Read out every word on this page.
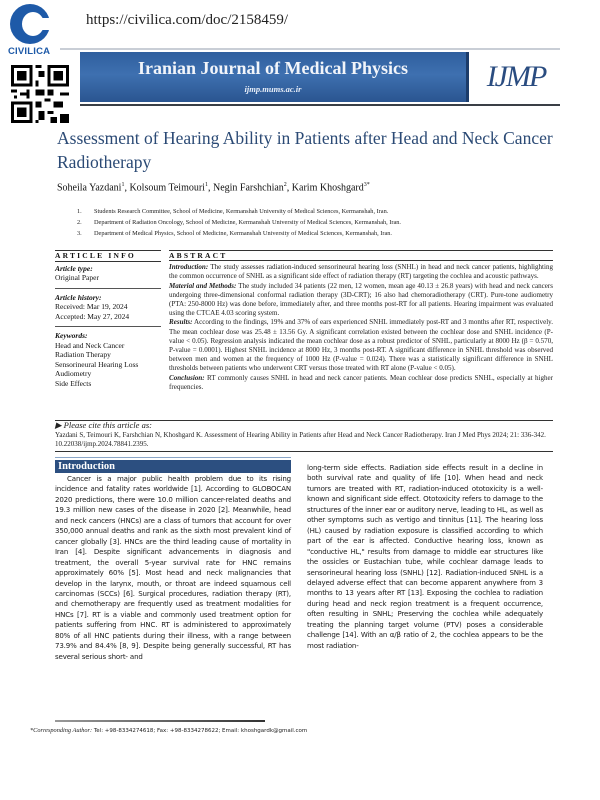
CIVILICA
https://civilica.com/doc/2158459/
Iranian Journal of Medical Physics
ijmp.mums.ac.ir	IJMP
Assessment of Hearing Ability in Patients after Head and Neck Cancer Radiotherapy
Soheila Yazdani$^1$, Kolsoum Teimouri$^1$, Negin Farshchian$^2$, Karim Khoshgard$^{3*}$
1. Students Research Committee, School of Medicine, Kermanshah University of Medical Sciences, Kermanshah, Iran.
2. Department of Radiation Oncology, School of Medicine, Kermanshah University of Medical Sciences, Kermanshah, Iran.
3. Department of Medical Physics, School of Medicine, Kermanshah University of Medical Sciences, Kermanshah, Iran.
ARTICLE INFO
Article type:
Original Paper
Article history:
Received: Mar 19, 2024
Accepted: May 27, 2024
Keywords:
Head and Neck Cancer
Radiation Therapy
Sensorineural Hearing Loss
Audiometry
Side Effects
ABSTRACT
Introduction: The study assesses radiation-induced sensorineural hearing loss (SNHL) in head and neck cancer patients, highlighting the common occurrence of SNHL as a significant side effect of radiation therapy (RT) targeting the cochlea and acoustic pathways.
Material and Methods: The study included 34 patients (22 men, 12 women, mean age 40.13 ± 26.8 years) with head and neck cancers undergoing three-dimensional conformal radiation therapy (3D-CRT); 16 also had chemoradiotherapy (CRT). Pure-tone audiometry (PTA: 250-8000 Hz) was done before, immediately after, and three months post-RT for all patients. Hearing impairment was evaluated using the CTCAE 4.03 scoring system.
Results: According to the findings, 19% and 37% of ears experienced SNHL immediately post-RT and 3 months after RT, respectively. The mean cochlear dose was 25.48 ± 13.56 Gy. A significant correlation existed between the cochlear dose and SNHL incidence (P-value < 0.05). Regression analysis indicated the mean cochlear dose as a robust predictor of SNHL, particularly at 8000 Hz (β = 0.570, P-value = 0.0001). Highest SNHL incidence at 8000 Hz, 3 months post-RT. A significant difference in SNHL threshold was observed between men and women at the frequency of 1000 Hz (P-value = 0.024). There was a statistically significant difference in SNHL thresholds between patients who underwent CRT versus those treated with RT alone (P-value < 0.05).
Conclusion: RT commonly causes SNHL in head and neck cancer patients. Mean cochlear dose predicts SNHL, especially at higher frequencies.
▶ Please cite this article as:
Yazdani S, Teimouri K, Farshchian N, Khoshgard K. Assessment of Hearing Ability in Patients after Head and Neck Cancer Radiotherapy. Iran J Med Phys 2024; 21: 336-342. 10.22038/ijmp.2024.78841.2395.
Introduction
Cancer is a major public health problem due to its rising incidence and fatality rates worldwide [1]. According to GLOBOCAN 2020 predictions, there were 10.0 million cancer-related deaths and 19.3 million new cases of the disease in 2020 [2]. Meanwhile, head and neck cancers (HNCs) are a class of tumors that account for over 350,000 annual deaths and rank as the sixth most prevalent kind of cancer globally [3]. HNCs are the third leading cause of mortality in Iran [4]. Despite significant advancements in diagnosis and treatment, the overall 5-year survival rate for HNC remains approximately 60% [5]. Most head and neck malignancies that develop in the larynx, mouth, or throat are indeed squamous cell carcinomas (SCCs) [6]. Surgical procedures, radiation therapy (RT), and chemotherapy are frequently used as treatment modalities for HNCs [7]. RT is a viable and commonly used treatment option for patients suffering from HNC. RT is administered to approximately 80% of all HNC patients during their illness, with a range between 73.9% and 84.4% [8, 9]. Despite being generally successful, RT has several serious short- and
long-term side effects. Radiation side effects result in a decline in both survival rate and quality of life [10]. When head and neck tumors are treated with RT, radiation-induced ototoxicity is a well-known and significant side effect. Ototoxicity refers to damage to the structures of the inner ear or auditory nerve, leading to HL, as well as other symptoms such as vertigo and tinnitus [11]. The hearing loss (HL) caused by radiation exposure is classified according to which part of the ear is affected. Conductive hearing loss, known as "conductive HL," results from damage to middle ear structures like the ossicles or Eustachian tube, while cochlear damage leads to sensorineural hearing loss (SNHL) [12]. Radiation-induced SNHL is a delayed adverse effect that can become apparent anywhere from 3 months to 13 years after RT [13]. Exposing the cochlea to radiation during head and neck region treatment is a frequent occurrence, often resulting in SNHL; Preserving the cochlea while adequately treating the planning target volume (PTV) poses a considerable challenge [14]. With an α/β ratio of 2, the cochlea appears to be the most radiation-
*Corresponding Author: Tel: +98-8334274618; Fax: +98-8334278622; Email: khoshgardk@gmail.com
